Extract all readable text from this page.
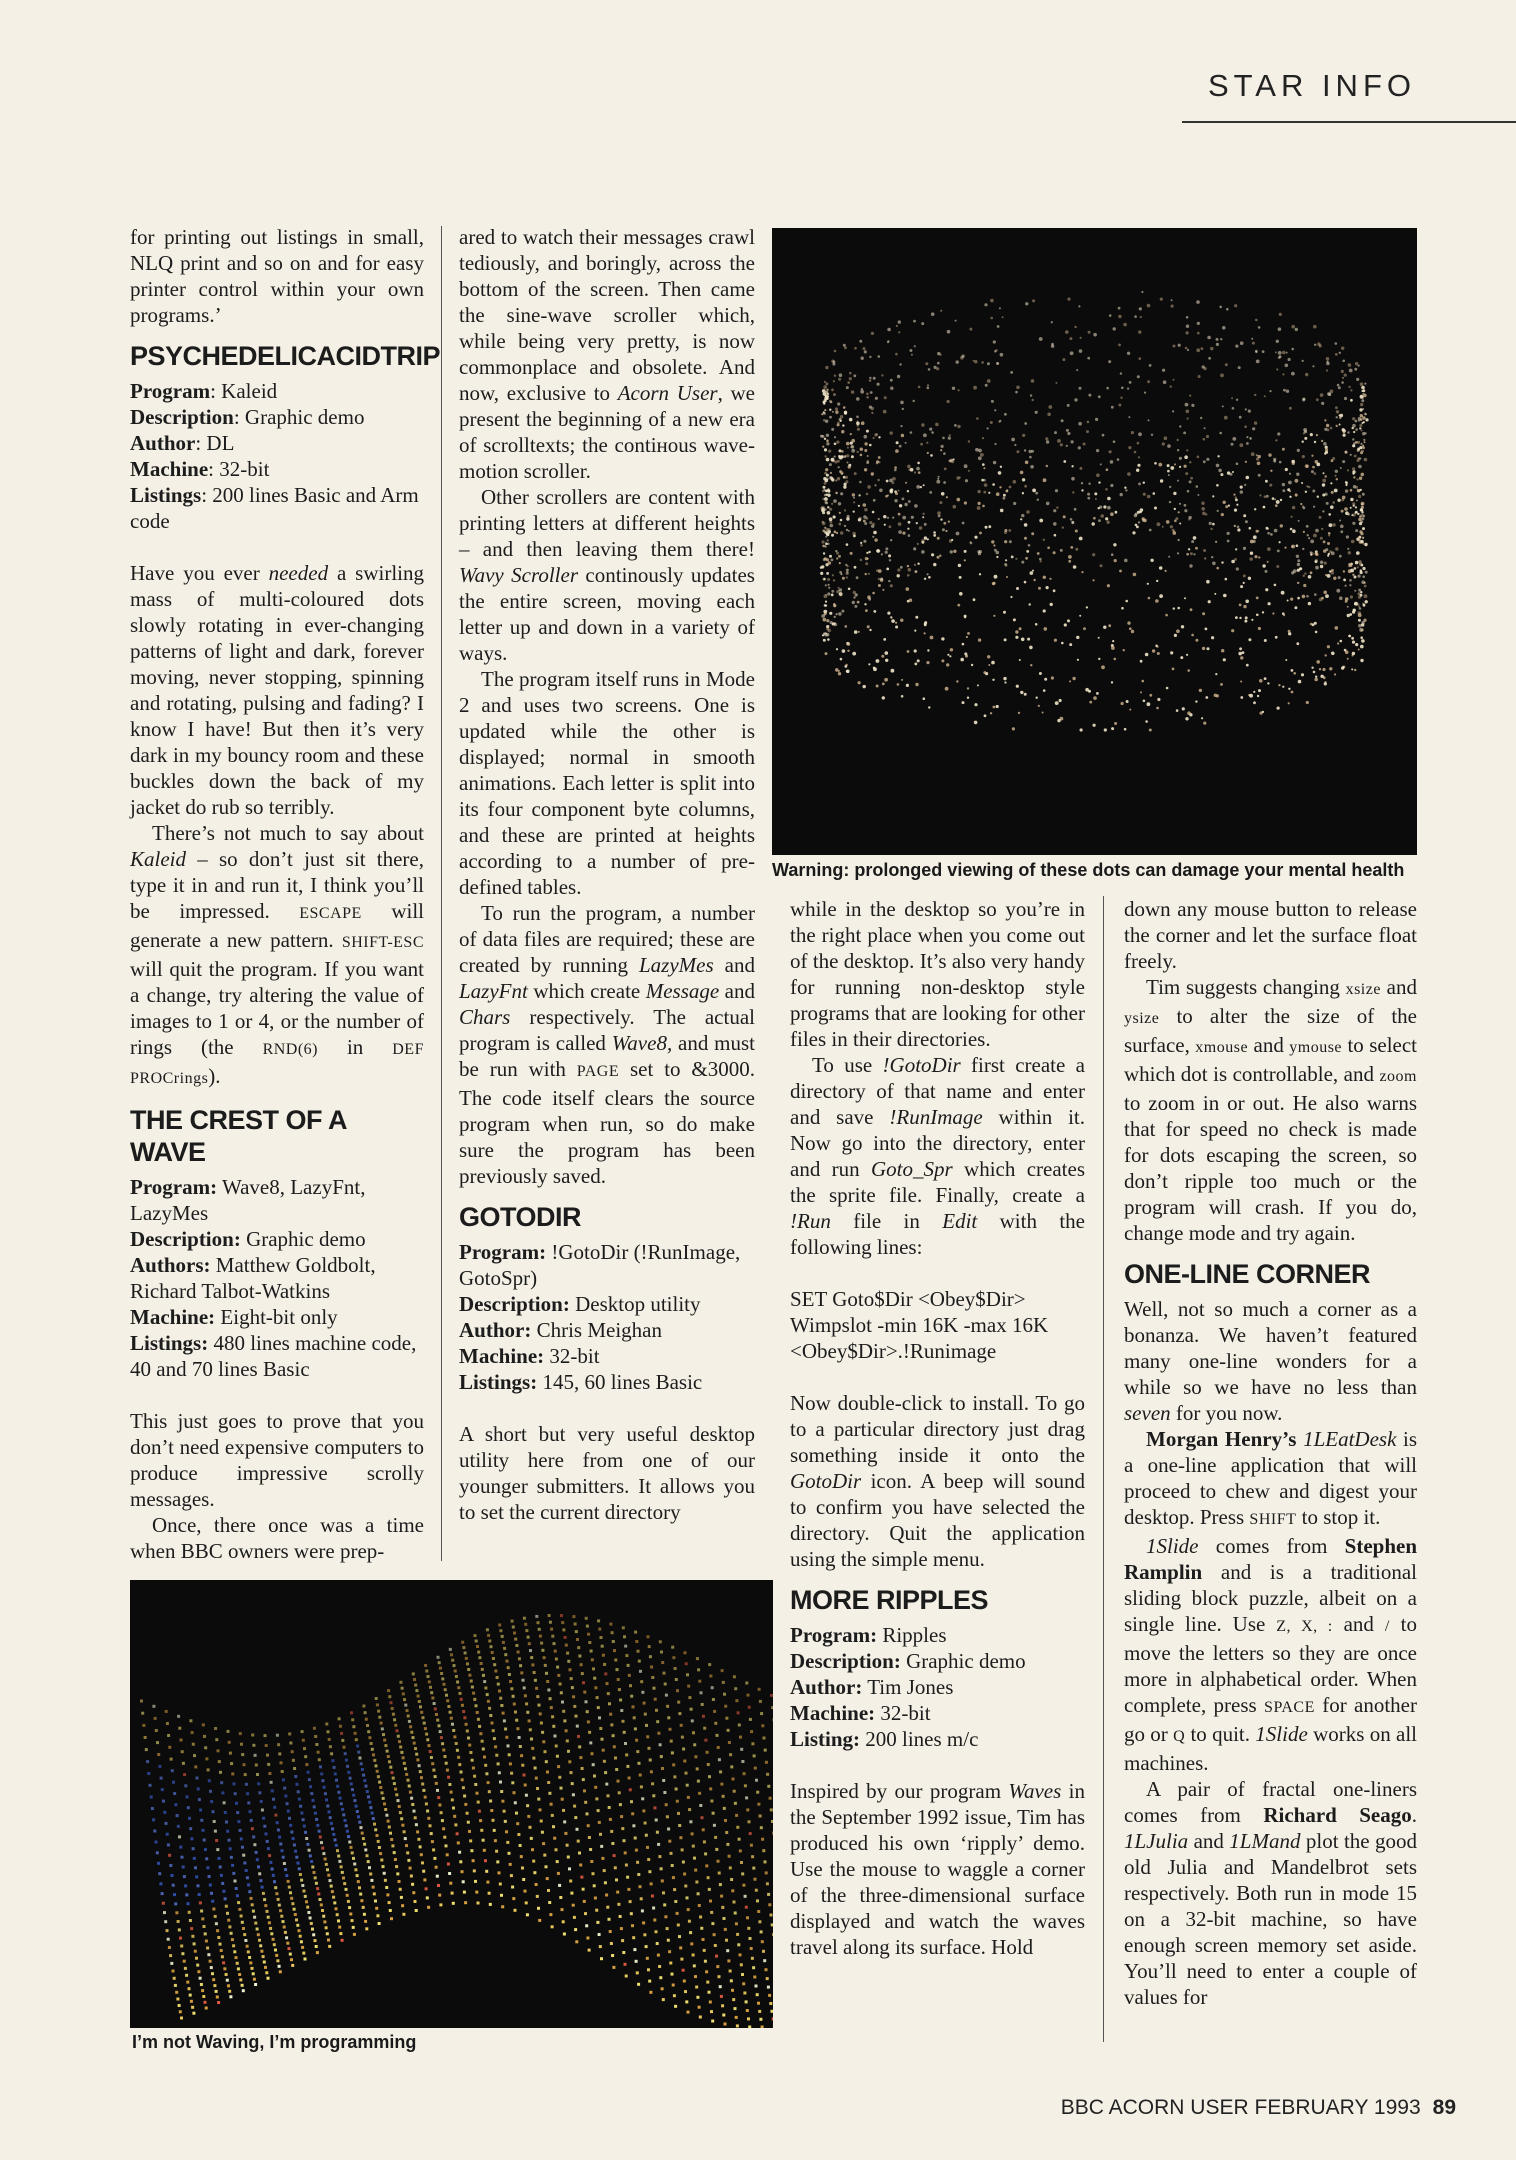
STAR INFO

for printing out listings in small, NLQ print and so on and for easy printer control within your own programs.’

PSYCHEDELICACIDTRIP

Program: Kaleid

Description: Graphic demo

Author: DL

Machine: 32-bit

Listings: 200 lines Basic and Arm code

Have you ever needed a swirling mass of multi-coloured dots slowly rotating in ever-changing patterns of light and dark, forever moving, never stopping, spinning and rotating, pulsing and fading? I know I have! But then it’s very dark in my bouncy room and these buckles down the back of my jacket do rub so terribly.

There’s not much to say about Kaleid – so don’t just sit there, type it in and run it, I think you’ll be impressed. ESCAPE will generate a new pattern. SHIFT-ESC will quit the program. If you want a change, try altering the value of images to 1 or 4, or the number of rings (the RND(6) in DEF PROCrings).

THE CREST OF A WAVE

Program: Wave8, LazyFnt, LazyMes

Description: Graphic demo

Authors: Matthew Goldbolt, Richard Talbot-Watkins

Machine: Eight-bit only

Listings: 480 lines machine code, 40 and 70 lines Basic

This just goes to prove that you don’t need expensive computers to produce impressive scrolly messages.

Once, there once was a time when BBC owners were prep-

ared to watch their messages crawl tediously, and boringly, across the bottom of the screen. Then came the sine-wave scroller which, while being very pretty, is now commonplace and obsolete. And now, exclusive to Acorn User, we present the beginning of a new era of scrolltexts; the contінous wave-motion scroller.

Other scrollers are content with printing letters at different heights – and then leaving them there! Wavy Scroller continously updates the entire screen, moving each letter up and down in a variety of ways.

The program itself runs in Mode 2 and uses two screens. One is updated while the other is displayed; normal in smooth animations. Each letter is split into its four component byte columns, and these are printed at heights according to a number of pre-defined tables.

To run the program, a number of data files are required; these are created by running LazyMes and LazyFnt which create Message and Chars respectively. The actual program is called Wave8, and must be run with PAGE set to &3000. The code itself clears the source program when run, so do make sure the program has been previously saved.

GOTODIR

Program: !GotoDir (!RunImage, GotoSpr)

Description: Desktop utility

Author: Chris Meighan

Machine: 32-bit

Listings: 145, 60 lines Basic

A short but very useful desktop utility here from one of our younger submitters. It allows you to set the current directory

Warning: prolonged viewing of these dots can damage your mental health

while in the desktop so you’re in the right place when you come out of the desktop. It’s also very handy for running non-desktop style programs that are looking for other files in their directories.

To use !GotoDir first create a directory of that name and enter and save !RunImage within it. Now go into the directory, enter and run Goto_Spr which creates the sprite file. Finally, create a !Run file in Edit with the following lines:

SET Goto$Dir <Obey$Dir>

Wimpslot -min 16K -max 16K

<Obey$Dir>.!Runimage

Now double-click to install. To go to a particular directory just drag something inside it onto the GotoDir icon. A beep will sound to confirm you have selected the directory. Quit the application using the simple menu.

MORE RIPPLES

Program: Ripples

Description: Graphic demo

Author: Tim Jones

Machine: 32-bit

Listing: 200 lines m/c

Inspired by our program Waves in the September 1992 issue, Tim has produced his own ‘ripply’ demo. Use the mouse to waggle a corner of the three-dimensional surface displayed and watch the waves travel along its surface. Hold

down any mouse button to release the corner and let the surface float freely.

Tim suggests changing xsize and ysize to alter the size of the surface, xmouse and ymouse to select which dot is controllable, and zoom to zoom in or out. He also warns that for speed no check is made for dots escaping the screen, so don’t ripple too much or the program will crash. If you do, change mode and try again.

ONE-LINE CORNER

Well, not so much a corner as a bonanza. We haven’t featured many one-line wonders for a while so we have no less than seven for you now.

Morgan Henry’s 1LEatDesk is a one-line application that will proceed to chew and digest your desktop. Press SHIFT to stop it.

1Slide comes from Stephen Ramplin and is a traditional sliding block puzzle, albeit on a single line. Use Z, X, : and / to move the letters so they are once more in alphabetical order. When complete, press SPACE for another go or Q to quit. 1Slide works on all machines.

A pair of fractal one-liners comes from Richard Seago. 1LJulia and 1LMand plot the good old Julia and Mandelbrot sets respectively. Both run in mode 15 on a 32-bit machine, so have enough screen memory set aside. You’ll need to enter a couple of values for

I’m not Waving, I’m programming
BBC ACORN USER FEBRUARY 1993 89
